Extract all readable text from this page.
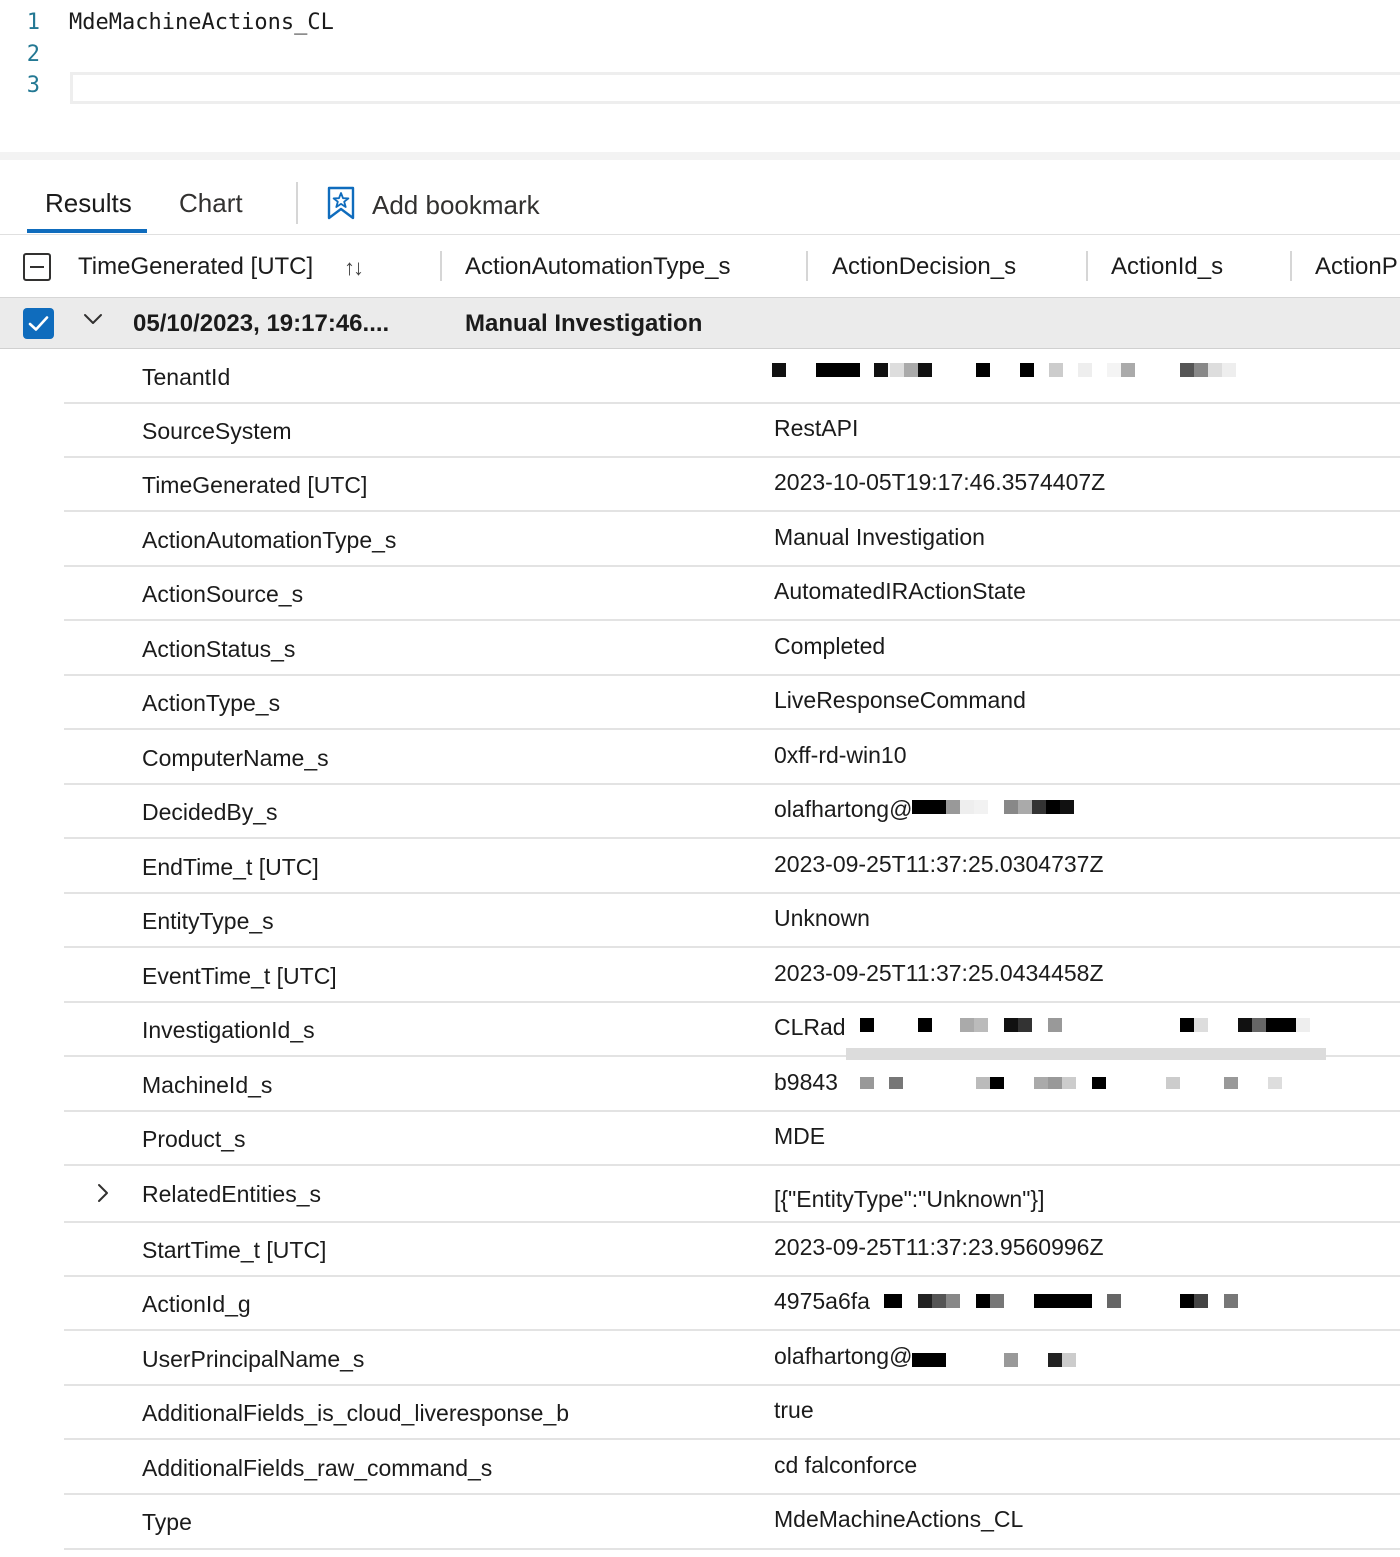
1
2
3
MdeMachineActions_CL
Results Chart	Add bookmark
TimeGenerated [UTC] ↑↓	ActionAutomationType_s	ActionDecision_s	ActionId_s	ActionP
05/10/2023, 19:17:46....	Manual Investigation
TenantId
SourceSystem	RestAPI
TimeGenerated [UTC]	2023-10-05T19:17:46.3574407Z
ActionAutomationType_s	Manual Investigation
ActionSource_s	AutomatedIRActionState
ActionStatus_s	Completed
ActionType_s	LiveResponseCommand
ComputerName_s	0xff-rd-win10
DecidedBy_s	olafhartong@
EndTime_t [UTC]	2023-09-25T11:37:25.0304737Z
EntityType_s	Unknown
EventTime_t [UTC]	2023-09-25T11:37:25.0434458Z
InvestigationId_s	CLRad
MachineId_s	b9843
Product_s	MDE
RelatedEntities_s	[{"EntityType":"Unknown"}]
StartTime_t [UTC]	2023-09-25T11:37:23.9560996Z
ActionId_g	4975a6fa
UserPrincipalName_s	olafhartong@
AdditionalFields_is_cloud_liveresponse_b	true
AdditionalFields_raw_command_s	cd falconforce
Type	MdeMachineActions_CL
